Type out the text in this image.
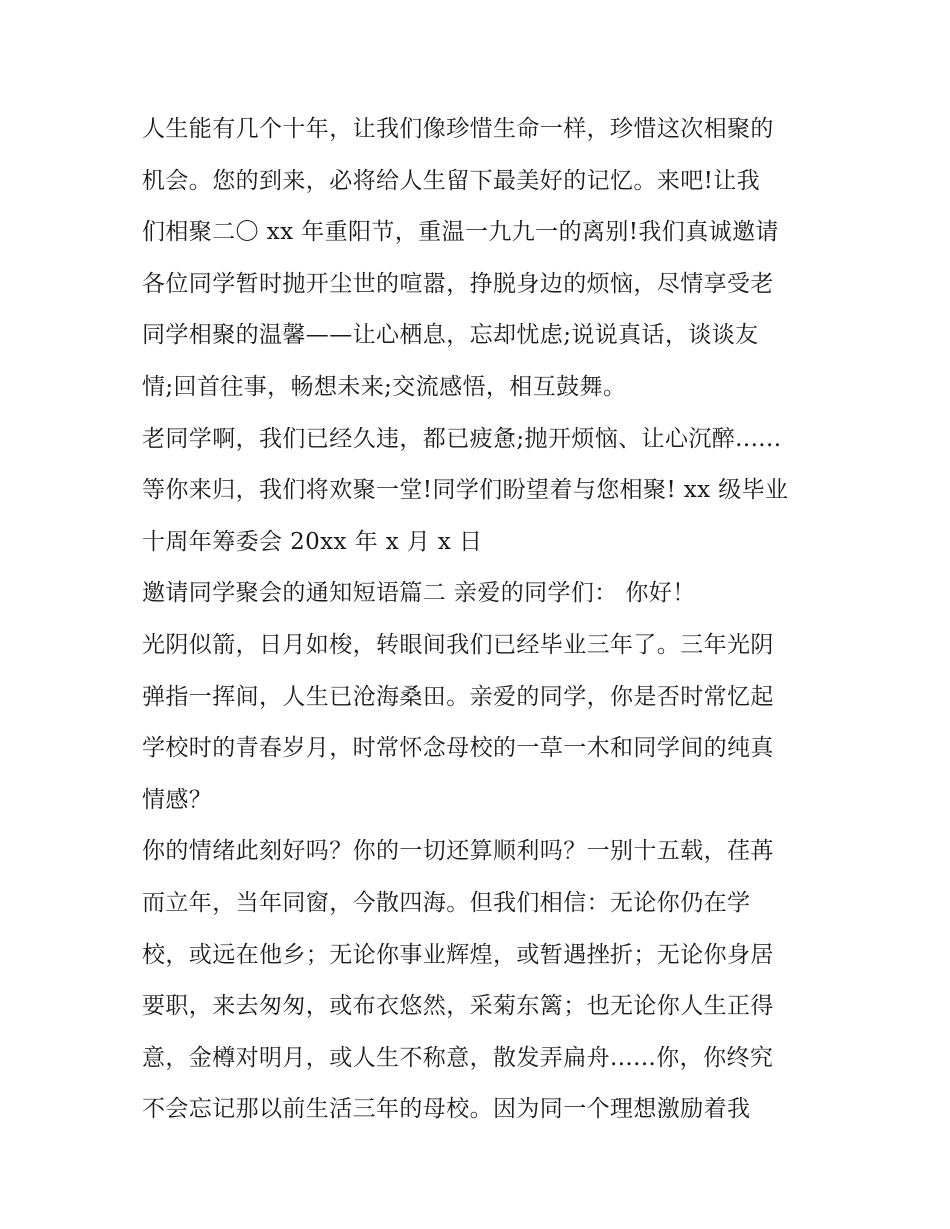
人生能有几个十年，让我们像珍惜生命一样，珍惜这次相聚的
机会。您的到来，必将给人生留下最美好的记忆。来吧!让我
们相聚二〇 xx 年重阳节，重温一九九一的离别!我们真诚邀请
各位同学暂时抛开尘世的喧嚣，挣脱身边的烦恼，尽情享受老
同学相聚的温馨——让心栖息，忘却忧虑;说说真话，谈谈友
情;回首往事，畅想未来;交流感悟，相互鼓舞。
老同学啊，我们已经久违，都已疲惫;抛开烦恼、让心沉醉......
等你来归，我们将欢聚一堂!同学们盼望着与您相聚! xx 级毕业
十周年筹委会 20xx 年 x 月 x 日
邀请同学聚会的通知短语篇二 亲爱的同学们： 你好！
光阴似箭，日月如梭，转眼间我们已经毕业三年了。三年光阴
弹指一挥间，人生已沧海桑田。亲爱的同学，你是否时常忆起
学校时的青春岁月，时常怀念母校的一草一木和同学间的纯真
情感？
你的情绪此刻好吗？你的一切还算顺利吗？一别十五载，荏苒
而立年，当年同窗，今散四海。但我们相信：无论你仍在学
校，或远在他乡；无论你事业辉煌，或暂遇挫折；无论你身居
要职，来去匆匆，或布衣悠然，采菊东篱；也无论你人生正得
意，金樽对明月，或人生不称意，散发弄扁舟......你，你终究
不会忘记那以前生活三年的母校。因为同一个理想激励着我
